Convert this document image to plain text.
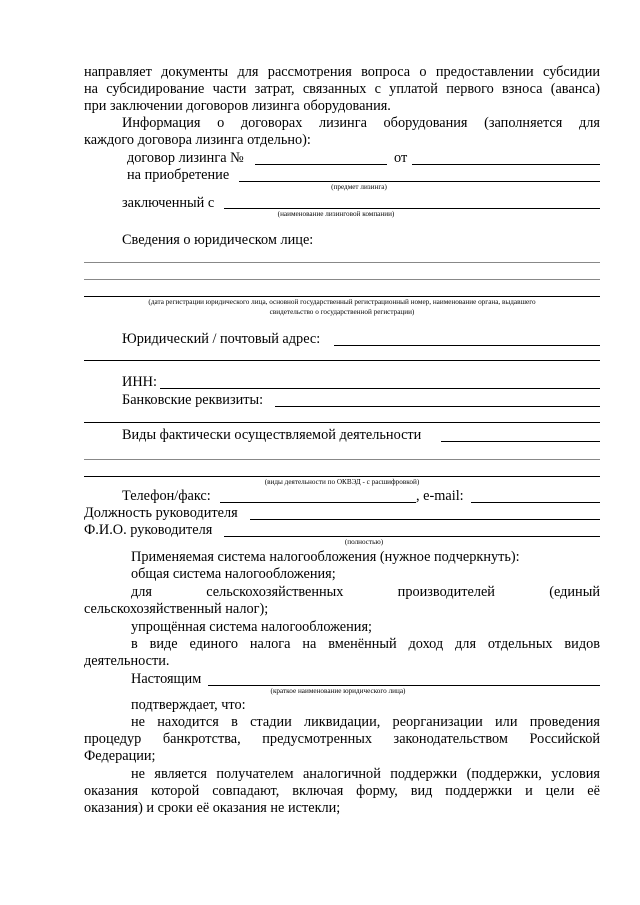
направляет документы для рассмотрения вопроса о предоставлении субсидии
на субсидирование части затрат, связанных с уплатой первого взноса (аванса)
при заключении договоров лизинга оборудования.
Информация о договорах лизинга оборудования (заполняется для
каждого договора лизинга отдельно):
договор лизинга №	от
на приобретение
(предмет лизинга)
заключенный с
(наименование лизинговой компании)
Сведения о юридическом лице:
(дата регистрации юридического лица, основной государственный регистрационный номер, наименование органа, выдавшего
свидетельство о государственной регистрации)
Юридический / почтовый адрес:
ИНН:
Банковские реквизиты:
Виды фактически осуществляемой деятельности
(виды деятельности по ОКВЭД - с расшифровкой)
Телефон/факс:	, e-mail:
Должность руководителя
Ф.И.О. руководителя
(полностью)
Применяемая система налогообложения (нужное подчеркнуть):
общая система налогообложения;
для	сельскохозяйственных	производителей	(единый
сельскохозяйственный налог);
упрощённая система налогообложения;
в виде единого налога на вменённый доход для отдельных видов
деятельности.
Настоящим
(краткое наименование юридического лица)
подтверждает, что:
не находится в стадии ликвидации, реорганизации или проведения
процедур банкротства, предусмотренных законодательством Российской
Федерации;
не является получателем аналогичной поддержки (поддержки, условия
оказания которой совпадают, включая форму, вид поддержки и цели её
оказания) и сроки её оказания не истекли;
